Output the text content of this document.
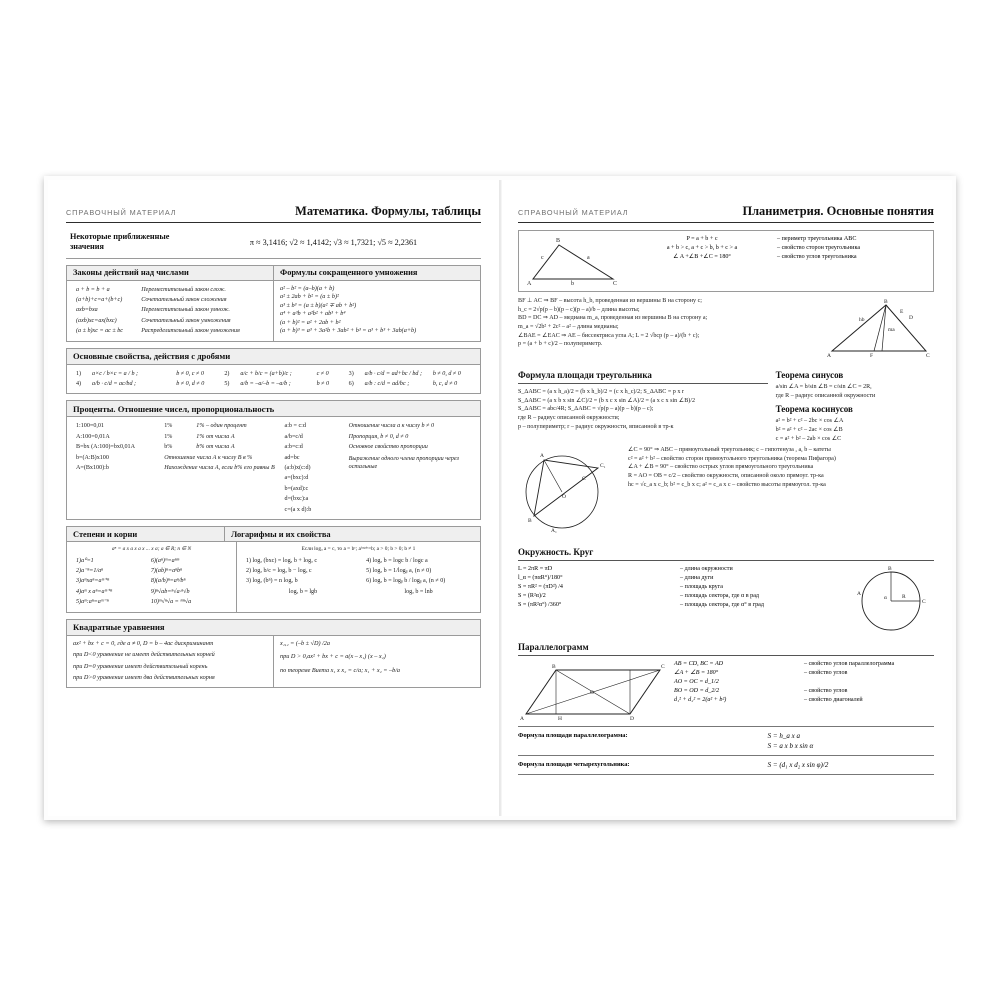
СПРАВОЧНЫЙ МАТЕРИАЛ	Математика. Формулы, таблицы
Некоторые приближенные значения	π ≈ 3,1416; √2 ≈ 1,4142; √3 ≈ 1,7321; √5 ≈ 2,2361
Законы действий над числами	Формулы сокращенного умножения
a + b = b + a	Переместительный закон слож.
(a+b)+c=a+(b+c)	Сочетательный закон сложения
axb=bxa	Переместительный закон умнож.
(axb)xc=ax(bxc)	Сочетательный закон умножения
(a ± b)xc = ac ± bc	Распределительный закон умножения
a² – b² = (a–b)(a + b)
a² ± 2ab + b² = (a ± b)²
a³ ± b³ = (a ± b)(a² ∓ ab + b²)
a⁴ + a³b + a²b² + ab³ + b⁴
(a + b)² = a² + 2ab + b²
(a + b)³ = a³ + 3a²b + 3ab² + b³ = a³ + b³ + 3ab(a+b)
Основные свойства, действия с дробями
1)	a×c / b×c = a / b ;	b ≠ 0, c ≠ 0	2)	a/c + b/c = (a+b)/c ;	c ≠ 0	3)	a/b · c/d = ad+bc / bd ;	b ≠ 0, d ≠ 0
4)	a/b · c/d = ac/bd ;	b ≠ 0, d ≠ 0	5)	a/b = –a/–b = –a/b ;	b ≠ 0	6)	a/b : c/d = ad/bc ;	b, c, d ≠ 0
Проценты. Отношение чисел, пропорциональность
1:100=0,01	1%	1% – один процент	a:b = c:d	Отношение числа а к числу b ≠ 0
A:100=0,01A	1%	1% от числа А	a/b=c/d	Пропорция, b ≠ 0, d ≠ 0
B=bx (A:100)=bx0,01A	b%	b% от числа А	a:b=c:d	Основное свойство пропорции
b=(A:B)x100	Отношение числа А к числу B в %		ad=bc	Выражение одного члена пропорции через остальные
A=(Bx100):b	Нахождение числа А, если b% его равны B		(a:b)x(c:d)	
			a=(bxc):d	
			b=(axd):c	
			d=(bxc):a	
			c=(a x d):b	
Степени и корни	Логарифмы и их свойства
aⁿ = a x a x a x ... x a; a ∈ R; n ∈ N
1)a⁰=1	6)(aⁿ)ᵐ=aⁿᵐ
2)a⁻ⁿ=1/aⁿ	7)(ab)ⁿ=aⁿbⁿ
3)aᵐxaⁿ=aᵐ⁺ⁿ	8)(a/b)ⁿ=aⁿ/bⁿ
4)aᵐ x aⁿ=aᵐ⁺ⁿ	9)ⁿ√ab=ⁿ√a·ⁿ√b
5)aᵐ:aⁿ=aᵐ⁻ⁿ	10)ᵐ√ⁿ√a = ᵐⁿ√a
Если logₐ a = c, то a = bᶜ; aˡᵒᵍᵃᵇ=b; a > 0; b > 0; b ≠ 1
1) logₐ (bxc) = logₐ b + logₐ c	4) logₐ b = logс b / logс a
2) logₐ b/c = logₐ b − logₐ c	5) logₐ b = 1/logᵦ a, (n ≠ 0)
3) logₐ (bⁿ) = n logₐ b	6) logₐ b = logᵦ b / logᵦ a, (n ≠ 0)
logₐ b = lgb	logₐ b = lnb
Квадратные уравнения
ax² + bx + c = 0, где a ≠ 0, D = b – 4ac дискриминант
при D<0 уравнение не имеет действительных корней
при D=0 уравнение имеет действительный корень
при D>0 уравнение имеет два действительных корня
x₁,₂ = (–b ± √D) /2a
при D > 0,ax² + bx + c = a(x – x₁) (x – x₂)
по теореме Виета x₁ x x₂ = c/a; x₁ + x₂ = –b/a
СПРАВОЧНЫЙ МАТЕРИАЛ	Планиметрия. Основные понятия
B
A	C
a
b
c
P = a + b + c	– периметр треугольника ABC
a + b > c, a + c > b, b + c > a	– свойство сторон треугольника
∠ A +∠B +∠C = 180°	– свойство углов треугольника
BF ⊥ AC ⇒ BF – высота h_b, проведенная из вершины B на сторону c;
h_c = 2√p(p – b)(p – c)(p – a)/b – длина высоты;
BD = DC ⇒ AD – медиана m_a, проведенная из вершины B на сторону a;
m_a = √2b² + 2c² – a² – длина медианы;
∠BAE = ∠EAC ⇒ AE – биссектриса угла A; L = 2 √bcp (p – a)/(b + c);
p = (a + b + c)/2 – полупериметр.
B
A	C
F
D
E
hb
ma
Формула площади треугольника
S_ΔABC = (a x h_a)/2 = (b x h_b)/2 = (c x h_c)/2; S_ΔABC = p x r
S_ΔABC = (a x b x sin ∠C)/2 = (b x c x sin ∠A)/2 = (a x c x sin ∠B)/2
S_ΔABC = abc/4R; S_ΔABC = √p(p – a)(p – b)(p – c);
где R – радиус описанной окружности;
p – полупериметр; r – радиус окружности, вписанной в тр-к
Теорема синусов
a/sin ∠A = b/sin ∠B = c/sin ∠C = 2R,
где R – радиус описанной окружности
Теорема косинусов
a² = b² + c² – 2bc × cos ∠A
b² = a² + c² – 2ac × cos ∠B
c = a² + b² – 2ab × cos ∠C
A
C₁
B
C
O
A₁
∠C = 90° ⇒ ABC – прямоугольный треугольник; c – гипотенуза , a, b – катеты
c² = a² + b² – свойство сторон прямоугольного треугольника (теорема Пифагора)
∠A + ∠B = 90° – свойство острых углов прямоугольного треугольника
R = AO = OB = c/2 – свойство окружности, описанной около прямоуг. тр-ка
hc = √c_a x c_b; b² = c_b x c; a² = c_a x c – свойство высоты прямоугол. тр-ка
Окружность. Круг
L = 2πR = πD	– длина окружности
l_α = (παR°)/180°	– длина дуги
S = πR² = (πD²) /4	– площадь круга
S = (R²α)/2	– площадь сектора, где α в рад
S = (πR²α°) /360°	– площадь сектора, где α° в град
B
C
α	R
A
Параллелограмм
B	C
A	D
O
H
AB = CD, BC = AD	– свойство углов параллелограмма
∠A + ∠B = 180°	– свойство углов
AO = OC = d_1/2
BO = OD = d_2/2	– свойство углов
d₁² + d₂² = 2(a² + b²)	– свойство диагоналей
Формула площади параллелограмма:	S = h_a x a
S = a x b x sin α
Формула площади четырехугольника:	S = (d₁ x d₂ x sin φ)/2
